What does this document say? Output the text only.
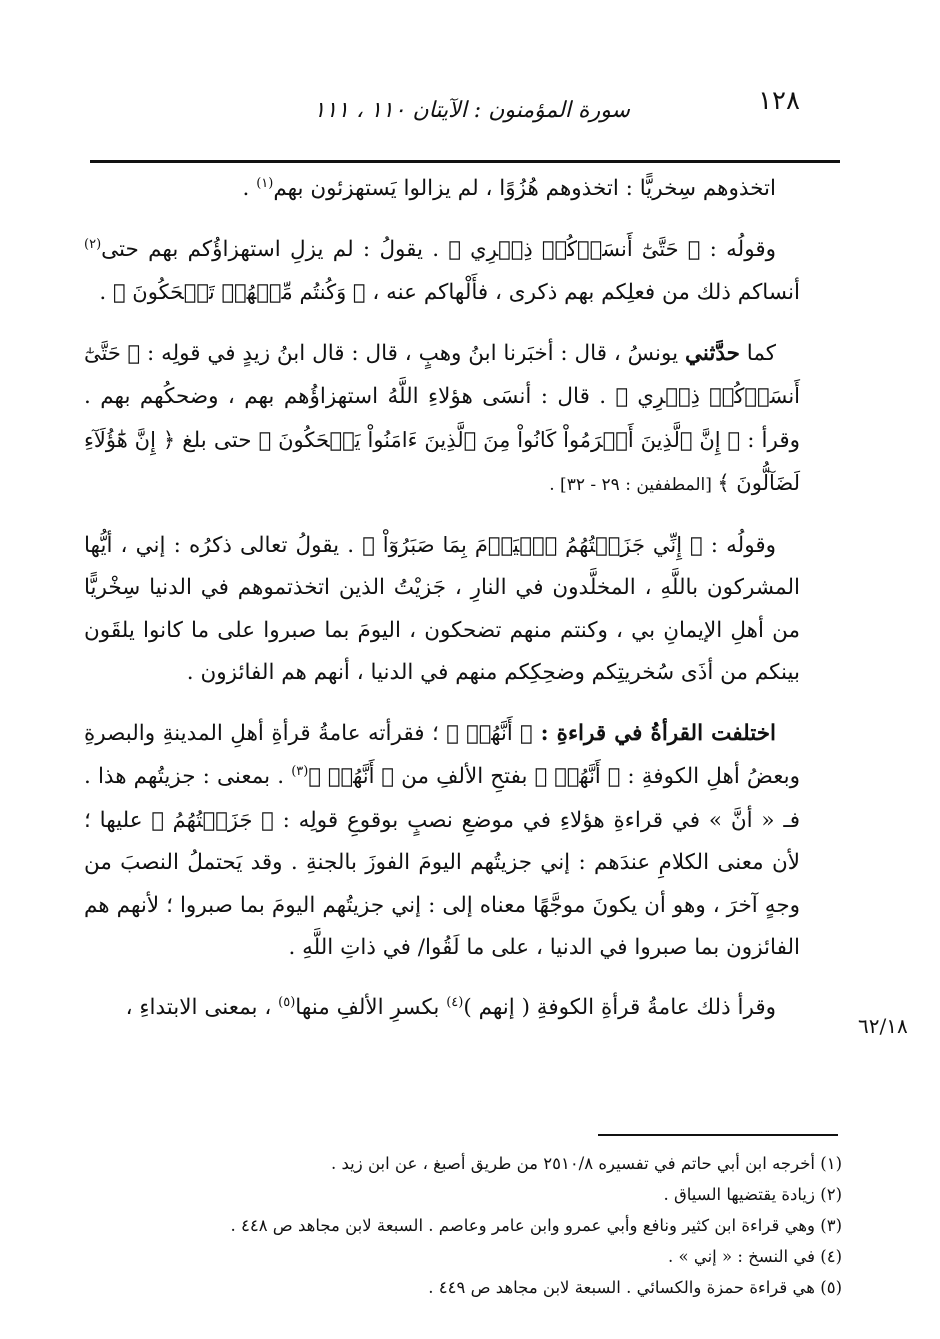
١٢٨
سورة المؤمنون : الآيتان ١١٠ ، ١١١

اتخذوهم سِخريًّا : اتخذوهم هُزُوًا ، لم يزالوا يَستهزئون بهم$^{(١)}$ .

وقولُه : ﴿ حَتَّىٰٓ أَنسَوۡكُمۡ ذِكۡرِي ﴾ . يقولُ : لم يزلِ استهزاؤُكم بهم حتى$^{(٢)}$ أنساكم ذلك من فعلِكم بهم ذكرى ، فأَلْهاكم عنه ، ﴿ وَكُنتُم مِّنۡهُمۡ تَضۡحَكُونَ ﴾ .

كما حدَّثني يونسُ ، قال : أخبَرنا ابنُ وهبٍ ، قال : قال ابنُ زيدٍ في قولِه : ﴿ حَتَّىٰٓ أَنسَوۡكُمۡ ذِكۡرِي ﴾ . قال : أنسَى هؤلاءِ اللَّهُ استهزاؤُهم بهم ، وضحكُهم بهم . وقرأ : ﴿ إِنَّ ٱلَّذِينَ أَجۡرَمُواْ كَانُواْ مِنَ ٱلَّذِينَ ءَامَنُواْ يَضۡحَكُونَ ﴾ حتى بلغ ﴿ إِنَّ هَٰٓؤُلَآءِ لَضَآلُّونَ ﴾ [المطففين : ٢٩ - ٣٢] .

وقولُه : ﴿ إِنِّي جَزَيۡتُهُمُ ٱلۡيَوۡمَ بِمَا صَبَرُوٓاْ ﴾ . يقولُ تعالى ذكرُه : إني ، أيُّها المشركون باللَّهِ ، المخلَّدون في النارِ ، جَزيْتُ الذين اتخذتموهم في الدنيا سِخْريًّا من أهلِ الإيمانِ بي ، وكنتم منهم تضحكون ، اليومَ بما صبروا على ما كانوا يلقَون بينكم من أذَى سُخريتِكم وضحِكِكم منهم في الدنيا ، أنهم هم الفائزون .

اختلفت القرأةُ في قراءةِ : ﴿ أَنَّهُمۡ ﴾ ؛ فقرأته عامةُ قرأةِ أهلِ المدينةِ والبصرةِ وبعضُ أهلِ الكوفةِ : ﴿ أَنَّهُمۡ ﴾ بفتحِ الألفِ من ﴿ أَنَّهُمۡ ﴾$^{(٣)}$ . بمعنى : جزيتُهم هذا . فـ « أنَّ » في قراءةِ هؤلاءِ في موضعِ نصبٍ بوقوعِ قولِه : ﴿ جَزَيۡتُهُمُ ﴾ عليها ؛ لأن معنى الكلامِ عندَهم : إني جزيتُهم اليومَ الفوزَ بالجنةِ . وقد يَحتملُ النصبَ من وجهٍ آخرَ ، وهو أن يكونَ موجَّهًا معناه إلى : إني جزيتُهم اليومَ بما صبروا ؛ لأنهم هم الفائزون بما صبروا في الدنيا ، على ما لَقُوا/ في ذاتِ اللَّهِ .

وقرأ ذلك عامةُ قرأةِ الكوفةِ ( إنهم )$^{(٤)}$ بكسرِ الألفِ منها$^{(٥)}$ ، بمعنى الابتداءِ ،

٦٢/١٨
(١) أخرجه ابن أبي حاتم في تفسيره ٢٥١٠/٨ من طريق أصبغ ، عن ابن زيد .
(٢) زيادة يقتضيها السياق .
(٣) وهي قراءة ابن كثير ونافع وأبي عمرو وابن عامر وعاصم . السبعة لابن مجاهد ص ٤٤٨ .
(٤) في النسخ : « إني » .
(٥) هي قراءة حمزة والكسائي . السبعة لابن مجاهد ص ٤٤٩ .
